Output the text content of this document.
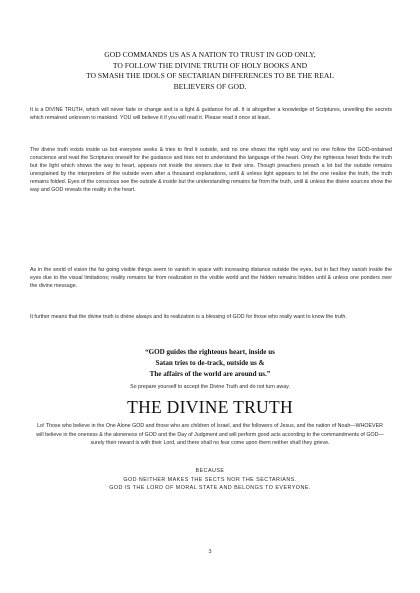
GOD COMMANDS US AS A NATION TO TRUST IN GOD ONLY,
TO FOLLOW THE DIVINE TRUTH OF HOLY BOOKS AND
TO SMASH THE IDOLS OF SECTARIAN DIFFERENCES TO BE THE REAL
BELIEVERS OF GOD.

It is a DIVINE TRUTH, which will never fade or change and is a light & guidance for all. It is altogether a knowledge of Scriptures, unveiling the secrets which remained unknown to mankind. YOU will believe it if you will read it. Please read it once at least.

The divine truth exists inside us but everyone seeks & tries to find it outside, and no one shows the right way and no one follow the GOD-ordained conscience and read the Scriptures oneself for the guidance and tries not to understand the language of the heart. Only the righteous heart finds the truth but the light which shows the way to heart, appears not inside the sinners due to their sins. Though preachers preach a lot but the outside remains unexplained by the interpreters of the outside even after a thousand explanations, until & unless light appears to let the one realize the truth, the truth remains folded. Eyes of the conscious see the outside & inside but the understanding remains far from the truth, until & unless the divine sources show the way and GOD reveals the reality in the heart.

As in the world of vision the far going visible things seem to vanish in space with increasing distance outside the eyes, but in fact they vanish inside the eyes due to the visual limitations; reality remains far from realization in the visible world and the hidden remains hidden until & unless one ponders over the divine message.

It further means that the divine truth is divine always and its realization is a blessing of GOD for those who really want to know the truth.

“GOD guides the righteous heart, inside us
Satan tries to de-track, outside us &
The affairs of the world are around us.”

So prepare yourself to accept the Divine Truth and do not turn away.

THE DIVINE TRUTH

Lo! Those who believe in the One Alone GOD and those who are children of Israel, and the followers of Jesus, and the nation of Noah—WHOEVER will believe in the oneness & the aloneness of GOD and the Day of Judgment and will perform good acts according to the commandments of GOD—surely their reward is with their Lord, and there shall no fear come upon them neither shall they grieve.

BECAUSE
GOD NEITHER MAKES THE SECTS NOR THE SECTARIANS.
GOD IS THE LORD OF MORAL STATE AND BELONGS TO EVERYONE.
3
